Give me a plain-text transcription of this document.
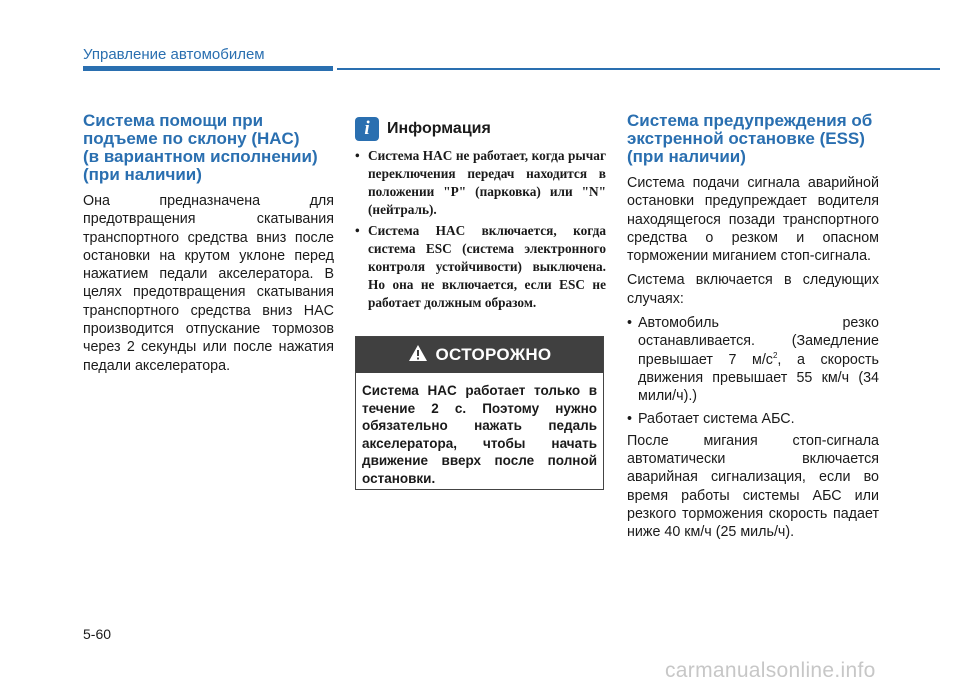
Управление автомобилем
Система помощи при
подъеме по склону (HAC)
(в вариантном исполнении)
(при наличии)

Она предназначена для предотвращения скатывания транспортного средства вниз после остановки на крутом уклоне перед нажатием педали акселератора. В целях предотвращения скатывания транспортного средства вниз HAC производится отпускание тормозов через 2 секунды или после нажатия педали акселератора.

i	Информация
• Система HAC не работает, когда рычаг переключения передач находится в положении "P" (парковка) или "N" (нейтраль).
• Система HAC включается, когда система ESC (система электронного контроля устойчивости) выключена. Но она не включается, если ESC не работает должным образом.
ОСТОРОЖНО
Система HAC работает только в течение 2 с. Поэтому нужно обязательно нажать педаль акселератора, чтобы начать движение вверх после полной остановки.
Система предупреждения об
экстренной остановке (ESS)
(при наличии)

Система подачи сигнала аварийной остановки предупреждает водителя находящегося позади транспортного средства о резком и опасном торможении миганием стоп-сигнала.

Система включается в следующих случаях:

• Автомобиль резко останавливается. (Замедление превышает 7 $м/с^2$, а скорость движения превышает 55 км/ч (34 мили/ч).)
• Работает система АБС.

После мигания стоп-сигнала автоматически включается аварийная сигнализация, если во время работы системы АБС или резкого торможения скорость падает ниже 40 км/ч (25 миль/ч).

5-60
carmanualsonline.info
